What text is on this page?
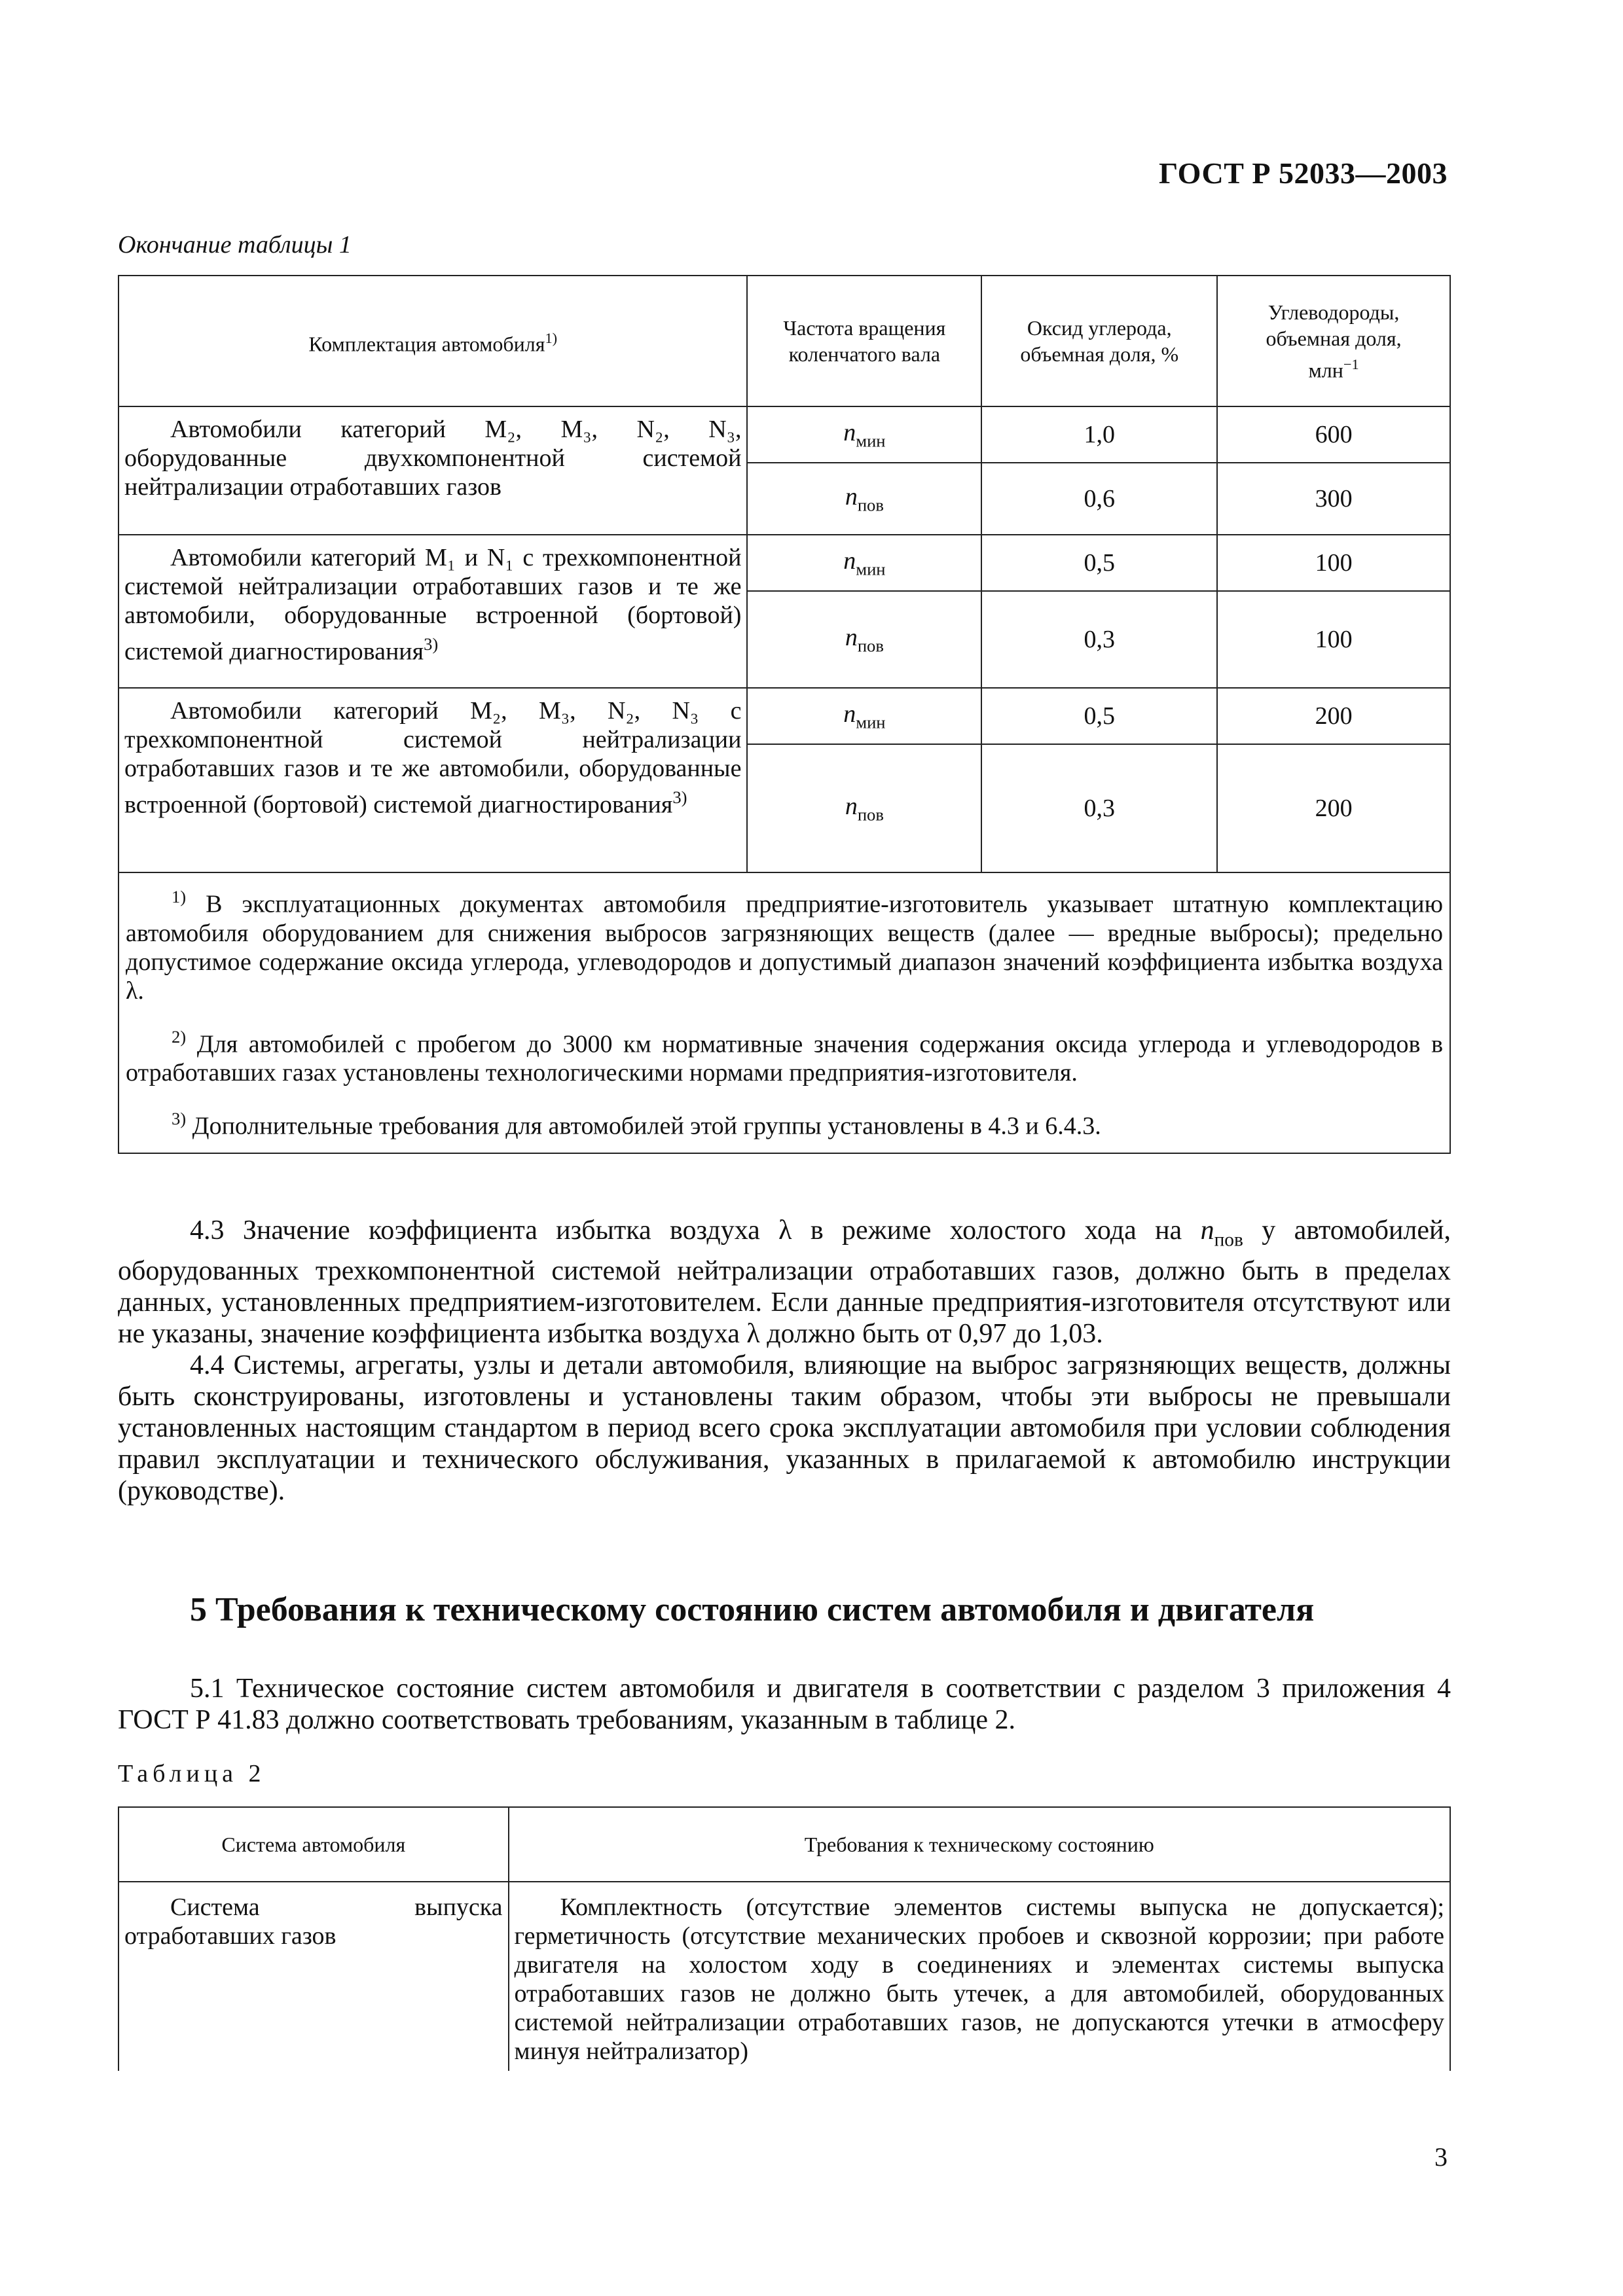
ГОСТ Р 52033—2003
Окончание таблицы 1
Комплектация автомобиля$^{1)}$	Частота вращения коленчатого вала	Оксид углерода, объемная доля, %	Углеводороды, объемная доля, млн$^{-1}$

Автомобили категорий M₂, M₃, N₂, N₃, оборудованные двухкомпонентной системой нейтрализации отработавших газов	$n_{мин}$	1,0	600
	$n_{пов}$	0,6	300
Автомобили категорий M₁ и N₁ с трехкомпонентной системой нейтрализации отработавших газов и те же автомобили, оборудованные встроенной (бортовой) системой диагностирования$^{3)}$	$n_{мин}$	0,5	100
	$n_{пов}$	0,3	100
Автомобили категорий M₂, M₃, N₂, N₃ с трехкомпонентной системой нейтрализации отработавших газов и те же автомобили, оборудованные встроенной (бортовой) системой диагностирования$^{3)}$	$n_{мин}$	0,5	200
	$n_{пов}$	0,3	200

$^{1)}$ В эксплуатационных документах автомобиля предприятие-изготовитель указывает штатную комплектацию автомобиля оборудованием для снижения выбросов загрязняющих веществ (далее — вредные выбросы); предельно допустимое содержание оксида углерода, углеводородов и допустимый диапазон значений коэффициента избытка воздуха λ.
$^{2)}$ Для автомобилей с пробегом до 3000 км нормативные значения содержания оксида углерода и углеводородов в отработавших газах установлены технологическими нормами предприятия-изготовителя.
$^{3)}$ Дополнительные требования для автомобилей этой группы установлены в 4.3 и 6.4.3.			

4.3 Значение коэффициента избытка воздуха λ в режиме холостого хода на $n_{пов}$ у автомобилей, оборудованных трехкомпонентной системой нейтрализации отработавших газов, должно быть в пределах данных, установленных предприятием-изготовителем. Если данные предприятия-изготовителя отсутствуют или не указаны, значение коэффициента избытка воздуха λ должно быть от 0,97 до 1,03.

4.4 Системы, агрегаты, узлы и детали автомобиля, влияющие на выброс загрязняющих веществ, должны быть сконструированы, изготовлены и установлены таким образом, чтобы эти выбросы не превышали установленных настоящим стандартом в период всего срока эксплуатации автомобиля при условии соблюдения правил эксплуатации и технического обслуживания, указанных в прилагаемой к автомобилю инструкции (руководстве).

5 Требования к техническому состоянию систем автомобиля и двигателя

5.1 Техническое состояние систем автомобиля и двигателя в соответствии с разделом 3 приложения 4 ГОСТ Р 41.83 должно соответствовать требованиям, указанным в таблице 2.

Таблица 2
Система автомобиля	Требования к техническому состоянию
Система выпуска отработавших газов	Комплектность (отсутствие элементов системы выпуска не допускается); герметичность (отсутствие механических пробоев и сквозной коррозии; при работе двигателя на холостом ходу в соединениях и элементах системы выпуска отработавших газов не должно быть утечек, а для автомобилей, оборудованных системой нейтрализации отработавших газов, не допускаются утечки в атмосферу минуя нейтрализатор)
3
